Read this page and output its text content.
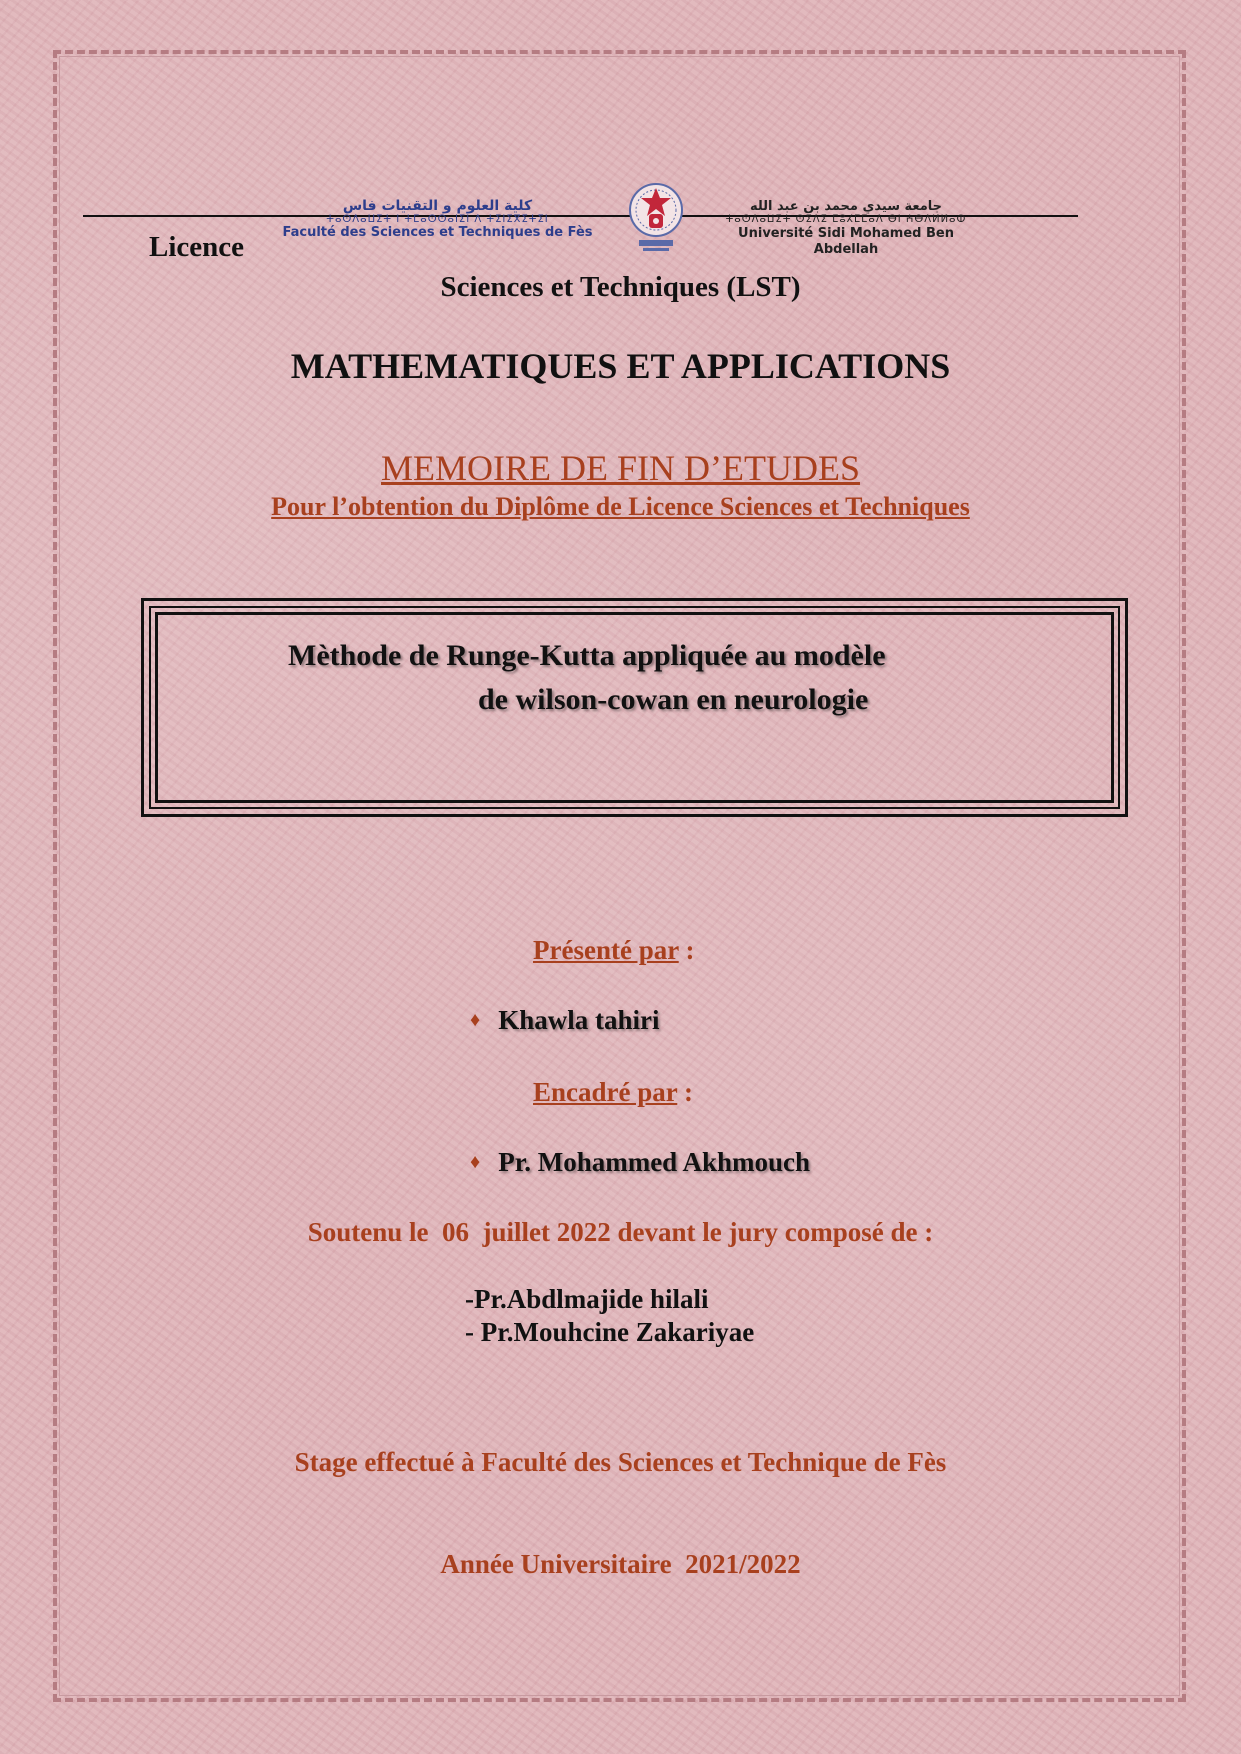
كلية العلوم و التقنيات فاس
ⵜⴰⵙⴷⴰⵡⵉⵜ ⵏ ⵜⵎⴰⵙⵙⴰⵏⵉⵏ ⴷ ⵜⵉⵏⵉⴳⵉⵜⵉⵏ
Faculté des Sciences et Techniques de Fès
جامعة سيدي محمد بن عبد الله
ⵜⴰⵙⴷⴰⵡⵉⵜ ⵙⵉⴷⵉ ⵎⵓⵃⵎⵎⴰⴷ ⴱⵏ ⵄⴱⴷⵍⵍⴰⵀ
Université Sidi Mohamed Ben Abdellah
Licence
Sciences et Techniques (LST)
MATHEMATIQUES ET APPLICATIONS
MEMOIRE DE FIN D’ETUDES
Pour l’obtention du Diplôme de Licence Sciences et Techniques
Mèthode de Runge-Kutta appliquée au modèle
de wilson-cowan en neurologie
Présenté par :
♦ Khawla tahiri
Encadré par :
♦ Pr. Mohammed Akhmouch
Soutenu le  06  juillet 2022 devant le jury composé de :
-Pr.Abdlmajide hilali
- Pr.Mouhcine Zakariyae
Stage effectué à Faculté des Sciences et Technique de Fès
Année Universitaire  2021/2022
